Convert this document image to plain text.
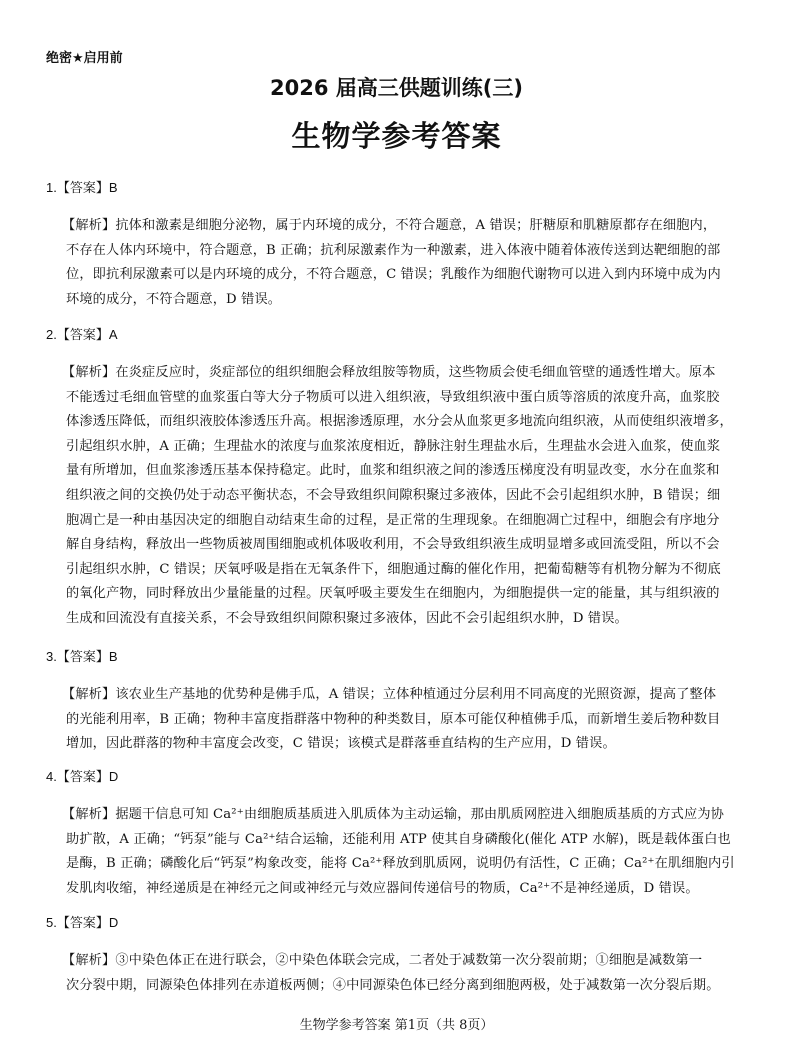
绝密★启用前
2026 届高三供题训练(三)
生物学参考答案
1.【答案】B
【解析】抗体和激素是细胞分泌物，属于内环境的成分，不符合题意，A 错误；肝糖原和肌糖原都存在细胞内，
不存在人体内环境中，符合题意，B 正确；抗利尿激素作为一种激素，进入体液中随着体液传送到达靶细胞的部
位，即抗利尿激素可以是内环境的成分，不符合题意，C 错误；乳酸作为细胞代谢物可以进入到内环境中成为内
环境的成分，不符合题意，D 错误。
2.【答案】A
【解析】在炎症反应时，炎症部位的组织细胞会释放组胺等物质，这些物质会使毛细血管壁的通透性增大。原本
不能透过毛细血管壁的血浆蛋白等大分子物质可以进入组织液，导致组织液中蛋白质等溶质的浓度升高，血浆胶
体渗透压降低，而组织液胶体渗透压升高。根据渗透原理，水分会从血浆更多地流向组织液，从而使组织液增多，
引起组织水肿，A 正确；生理盐水的浓度与血浆浓度相近，静脉注射生理盐水后，生理盐水会进入血浆，使血浆
量有所增加，但血浆渗透压基本保持稳定。此时，血浆和组织液之间的渗透压梯度没有明显改变，水分在血浆和
组织液之间的交换仍处于动态平衡状态，不会导致组织间隙积聚过多液体，因此不会引起组织水肿，B 错误；细
胞凋亡是一种由基因决定的细胞自动结束生命的过程，是正常的生理现象。在细胞凋亡过程中，细胞会有序地分
解自身结构，释放出一些物质被周围细胞或机体吸收利用，不会导致组织液生成明显增多或回流受阻，所以不会
引起组织水肿，C 错误；厌氧呼吸是指在无氧条件下，细胞通过酶的催化作用，把葡萄糖等有机物分解为不彻底
的氧化产物，同时释放出少量能量的过程。厌氧呼吸主要发生在细胞内，为细胞提供一定的能量，其与组织液的
生成和回流没有直接关系，不会导致组织间隙积聚过多液体，因此不会引起组织水肿，D 错误。
3.【答案】B
【解析】该农业生产基地的优势种是佛手瓜，A 错误；立体种植通过分层利用不同高度的光照资源，提高了整体
的光能利用率，B 正确；物种丰富度指群落中物种的种类数目，原本可能仅种植佛手瓜，而新增生姜后物种数目
增加，因此群落的物种丰富度会改变，C 错误；该模式是群落垂直结构的生产应用，D 错误。
4.【答案】D
【解析】据题干信息可知 Ca²⁺由细胞质基质进入肌质体为主动运输，那由肌质网腔进入细胞质基质的方式应为协
助扩散，A 正确；“钙泵”能与 Ca²⁺结合运输，还能利用 ATP 使其自身磷酸化(催化 ATP 水解)，既是载体蛋白也
是酶，B 正确；磷酸化后“钙泵”构象改变，能将 Ca²⁺释放到肌质网，说明仍有活性，C 正确；Ca²⁺在肌细胞内引
发肌肉收缩，神经递质是在神经元之间或神经元与效应器间传递信号的物质，Ca²⁺不是神经递质，D 错误。
5.【答案】D
【解析】③中染色体正在进行联会，②中染色体联会完成，二者处于减数第一次分裂前期；①细胞是减数第一
次分裂中期，同源染色体排列在赤道板两侧；④中同源染色体已经分离到细胞两极，处于减数第一次分裂后期。
生物学参考答案 第1页（共 8页）
